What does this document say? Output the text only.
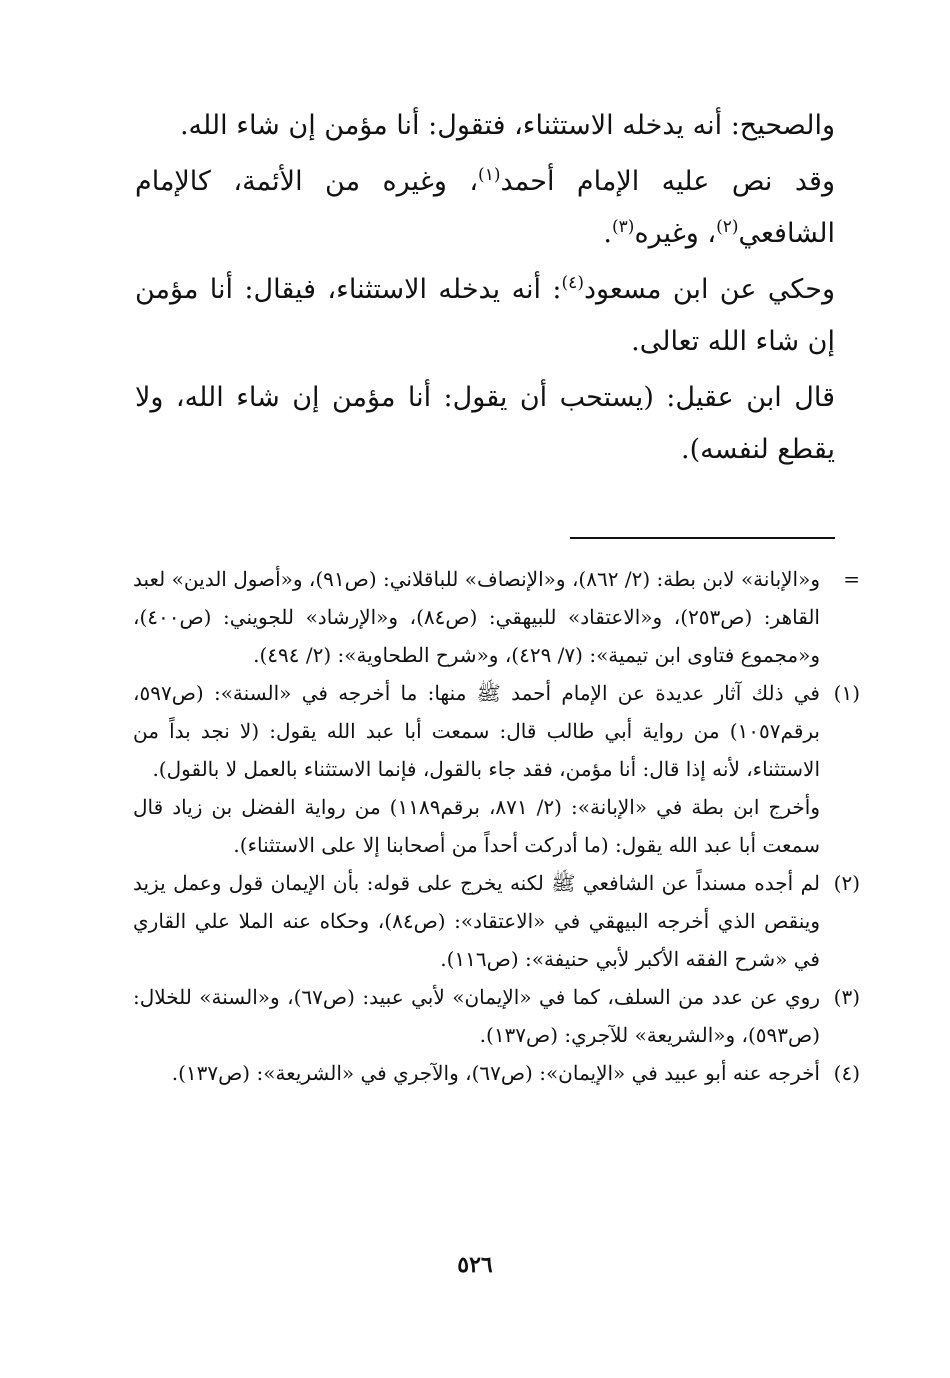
والصحيح: أنه يدخله الاستثناء، فتقول: أنا مؤمن إن شاء الله.

وقد نص عليه الإمام أحمد$^{(١)}$، وغيره من الأئمة، كالإمام الشافعي$^{(٢)}$، وغيره$^{(٣)}$.

وحكي عن ابن مسعود$^{(٤)}$: أنه يدخله الاستثناء، فيقال: أنا مؤمن إن شاء الله تعالى.

قال ابن عقيل: (يستحب أن يقول: أنا مؤمن إن شاء الله، ولا يقطع لنفسه).

=

و«الإبانة» لابن بطة: (٢/ ٨٦٢)، و«الإنصاف» للباقلاني: (ص٩١)، و«أصول الدين» لعبد القاهر: (ص٢٥٣)، و«الاعتقاد» للبيهقي: (ص٨٤)، و«الإرشاد» للجويني: (ص٤٠٠)، و«مجموع فتاوى ابن تيمية»: (٧/ ٤٢٩)، و«شرح الطحاوية»: (٢/ ٤٩٤).

(١)

في ذلك آثار عديدة عن الإمام أحمد ﷺ منها: ما أخرجه في «السنة»: (ص٥٩٧، برقم١٠٥٧) من رواية أبي طالب قال: سمعت أبا عبد الله يقول: (لا نجد بداً من الاستثناء، لأنه إذا قال: أنا مؤمن، فقد جاء بالقول، فإنما الاستثناء بالعمل لا بالقول).

وأخرج ابن بطة في «الإبانة»: (٢/ ٨٧١، برقم١١٨٩) من رواية الفضل بن زياد قال سمعت أبا عبد الله يقول: (ما أدركت أحداً من أصحابنا إلا على الاستثناء).

(٢)

لم أجده مسنداً عن الشافعي ﷺ لكنه يخرج على قوله: بأن الإيمان قول وعمل يزيد وينقص الذي أخرجه البيهقي في «الاعتقاد»: (ص٨٤)، وحكاه عنه الملا علي القاري في «شرح الفقه الأكبر لأبي حنيفة»: (ص١١٦).

(٣)

روي عن عدد من السلف، كما في «الإيمان» لأبي عبيد: (ص٦٧)، و«السنة» للخلال: (ص٥٩٣)، و«الشريعة» للآجري: (ص١٣٧).

(٤)

أخرجه عنه أبو عبيد في «الإيمان»: (ص٦٧)، والآجري في «الشريعة»: (ص١٣٧).

٥٢٦
